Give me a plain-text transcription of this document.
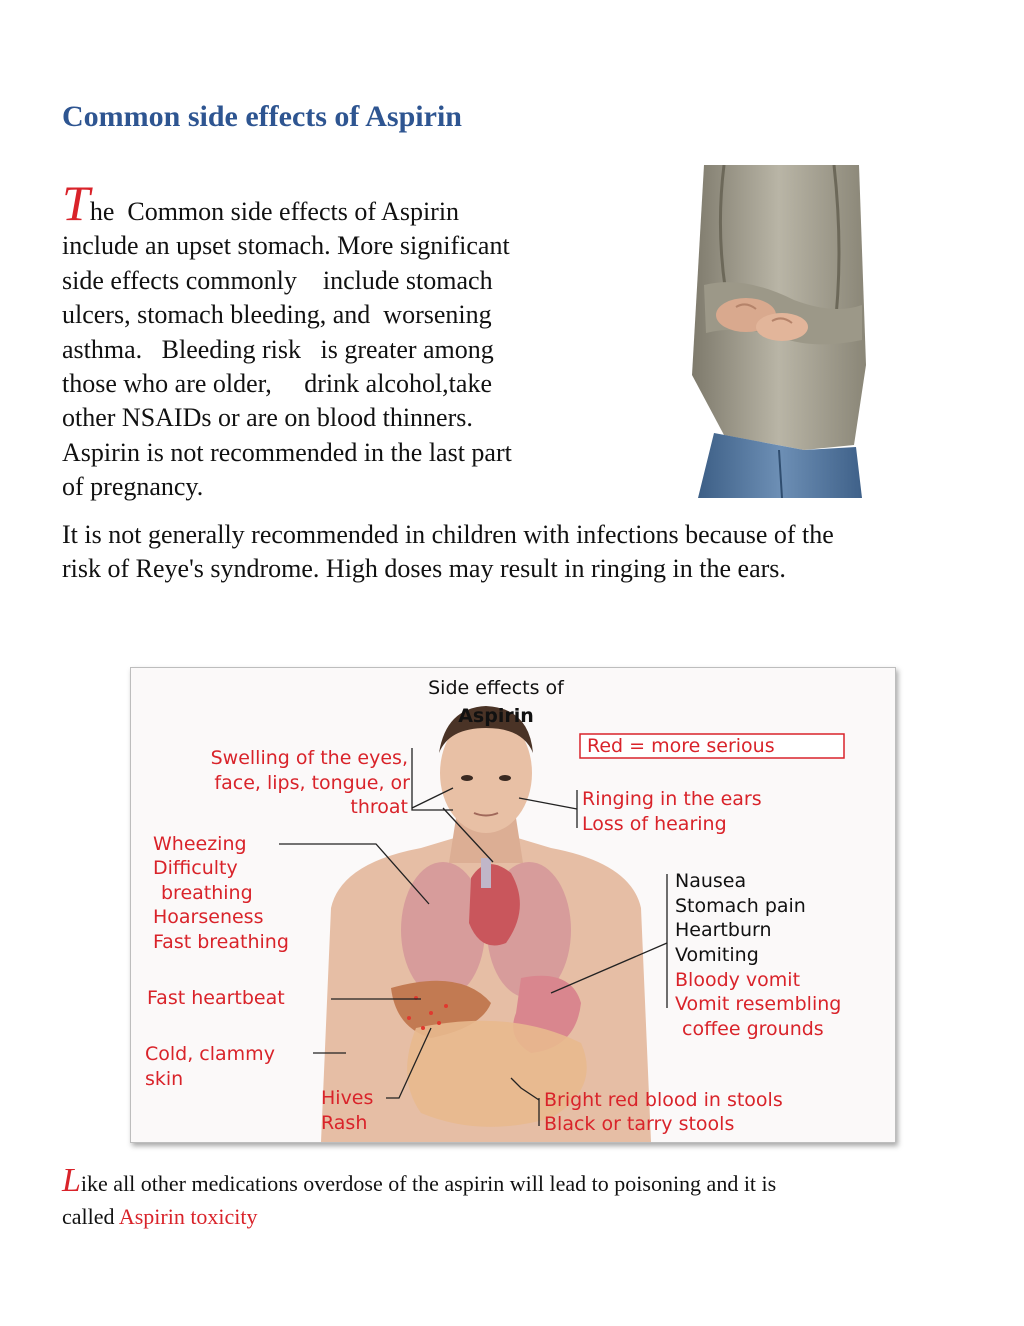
Common side effects of Aspirin
The  Common side effects of Aspirin
include an upset stomach. More significant
side effects commonly    include stomach
ulcers, stomach bleeding, and  worsening
asthma.   Bleeding risk   is greater among
those who are older,     drink alcohol,take
other NSAIDs or are on blood thinners.
Aspirin is not recommended in the last part
of pregnancy.
It is not generally recommended in children with infections because of the
risk of Reye's syndrome. High doses may result in ringing in the ears.
Side effects of
Aspirin
Red = more serious
Swelling of the eyes,
face, lips, tongue, or
throat
Wheezing
Difficulty
breathing
Hoarseness
Fast breathing
Fast heartbeat
Cold, clammy
skin
Hives
Rash
Ringing in the ears
Loss of hearing
Nausea
Stomach pain
Heartburn
Vomiting
Bloody vomit
Vomit resembling
coffee grounds
Bright red blood in stools
Black or tarry stools
Like all other medications overdose of the aspirin will lead to poisoning and it is
called Aspirin toxicity
